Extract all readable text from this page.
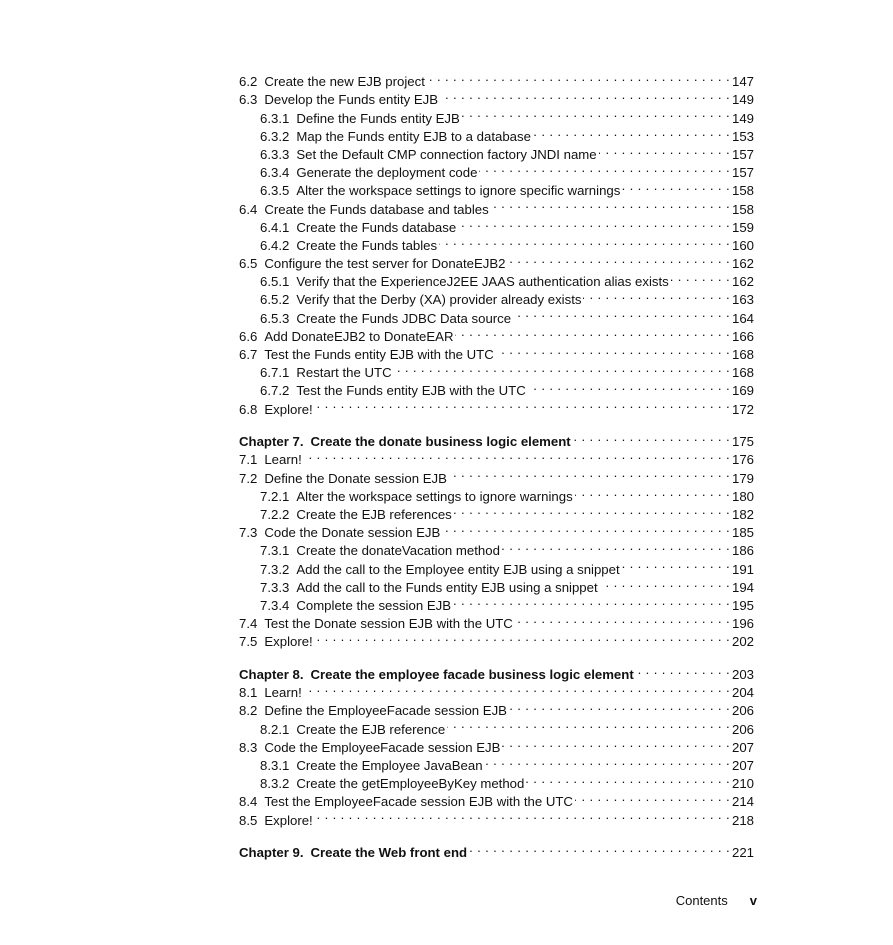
6.2 Create the new EJB project . . .	147
6.3 Develop the Funds entity EJB . . .	149
6.3.1 Define the Funds entity EJB . . .	149
6.3.2 Map the Funds entity EJB to a database . . .	153
6.3.3 Set the Default CMP connection factory JNDI name . . .	157
6.3.4 Generate the deployment code . . .	157
6.3.5 Alter the workspace settings to ignore specific warnings . . .	158
6.4 Create the Funds database and tables . . .	158
6.4.1 Create the Funds database . . .	159
6.4.2 Create the Funds tables . . .	160
6.5 Configure the test server for DonateEJB2 . . .	162
6.5.1 Verify that the ExperienceJ2EE JAAS authentication alias exists . . .	162
6.5.2 Verify that the Derby (XA) provider already exists . . .	163
6.5.3 Create the Funds JDBC Data source . . .	164
6.6 Add DonateEJB2 to DonateEAR . . .	166
6.7 Test the Funds entity EJB with the UTC . . .	168
6.7.1 Restart the UTC . . .	168
6.7.2 Test the Funds entity EJB with the UTC . . .	169
6.8 Explore! . . .	172
Chapter 7. Create the donate business logic element . . .	175
7.1 Learn! . . .	176
7.2 Define the Donate session EJB . . .	179
7.2.1 Alter the workspace settings to ignore warnings . . .	180
7.2.2 Create the EJB references . . .	182
7.3 Code the Donate session EJB . . .	185
7.3.1 Create the donateVacation method . . .	186
7.3.2 Add the call to the Employee entity EJB using a snippet . . .	191
7.3.3 Add the call to the Funds entity EJB using a snippet . . .	194
7.3.4 Complete the session EJB . . .	195
7.4 Test the Donate session EJB with the UTC . . .	196
7.5 Explore! . . .	202
Chapter 8. Create the employee facade business logic element . . .	203
8.1 Learn! . . .	204
8.2 Define the EmployeeFacade session EJB . . .	206
8.2.1 Create the EJB reference . . .	206
8.3 Code the EmployeeFacade session EJB . . .	207
8.3.1 Create the Employee JavaBean . . .	207
8.3.2 Create the getEmployeeByKey method . . .	210
8.4 Test the EmployeeFacade session EJB with the UTC . . .	214
8.5 Explore! . . .	218
Chapter 9. Create the Web front end . . .	221
Contents v
